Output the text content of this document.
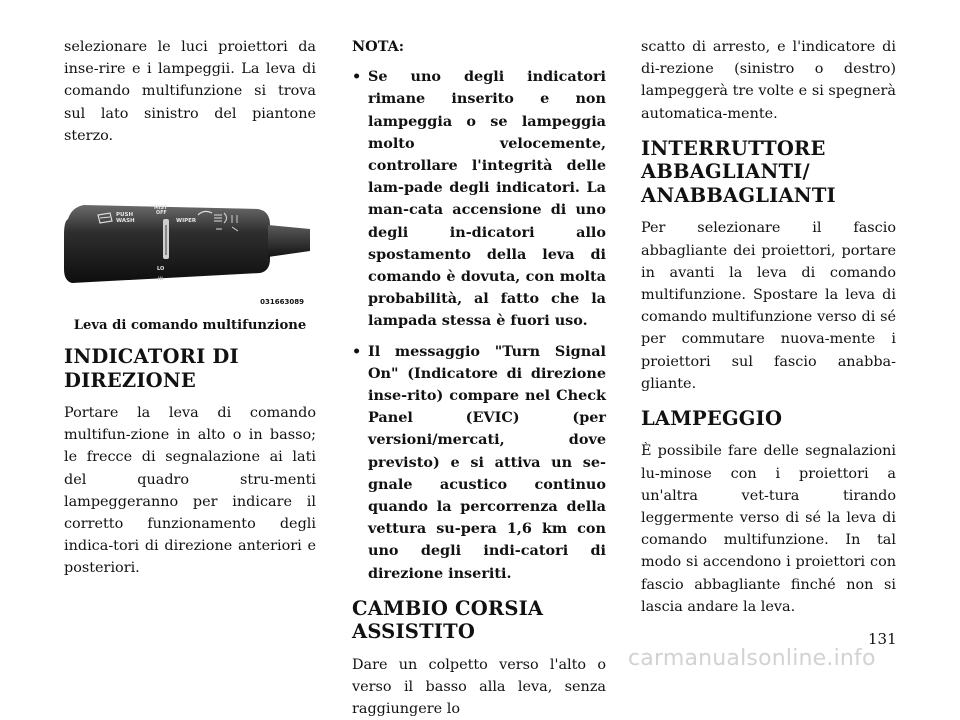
selezionare le luci proiettori da inse-rire e i lampeggii. La leva di comando multifunzione si trova sul lato sinistro del piantone sterzo.

PUSH
WASH
MIST
OFF
WIPER
LO
HI
031663089
Leva di comando multifunzione
INDICATORI DI DIREZIONE

Portare la leva di comando multifun-zione in alto o in basso; le frecce di segnalazione ai lati del quadro stru-menti lampeggeranno per indicare il corretto funzionamento degli indica-tori di direzione anteriori e posteriori.

NOTA:

• Se uno degli indicatori rimane inserito e non lampeggia o se lampeggia molto velocemente, controllare l'integrità delle lam-pade degli indicatori. La man-cata accensione di uno degli in-dicatori allo spostamento della leva di comando è dovuta, con molta probabilità, al fatto che la lampada stessa è fuori uso.

• Il messaggio "Turn Signal On" (Indicatore di direzione inse-rito) compare nel Check Panel (EVIC) (per versioni/mercati, dove previsto) e si attiva un se-gnale acustico continuo quando la percorrenza della vettura su-pera 1,6 km con uno degli indi-catori di direzione inseriti.

CAMBIO CORSIA ASSISTITO

Dare un colpetto verso l'alto o verso il basso alla leva, senza raggiungere lo

scatto di arresto, e l'indicatore di di-rezione (sinistro o destro) lampeggerà tre volte e si spegnerà automatica-mente.

INTERRUTTORE ABBAGLIANTI/ ANABBAGLIANTI

Per selezionare il fascio abbagliante dei proiettori, portare in avanti la leva di comando multifunzione. Spostare la leva di comando multifunzione verso di sé per commutare nuova-mente i proiettori sul fascio anabba-gliante.

LAMPEGGIO

È possibile fare delle segnalazioni lu-minose con i proiettori a un'altra vet-tura tirando leggermente verso di sé la leva di comando multifunzione. In tal modo si accendono i proiettori con fascio abbagliante finché non si lascia andare la leva.

131
carmanualsonline.info
